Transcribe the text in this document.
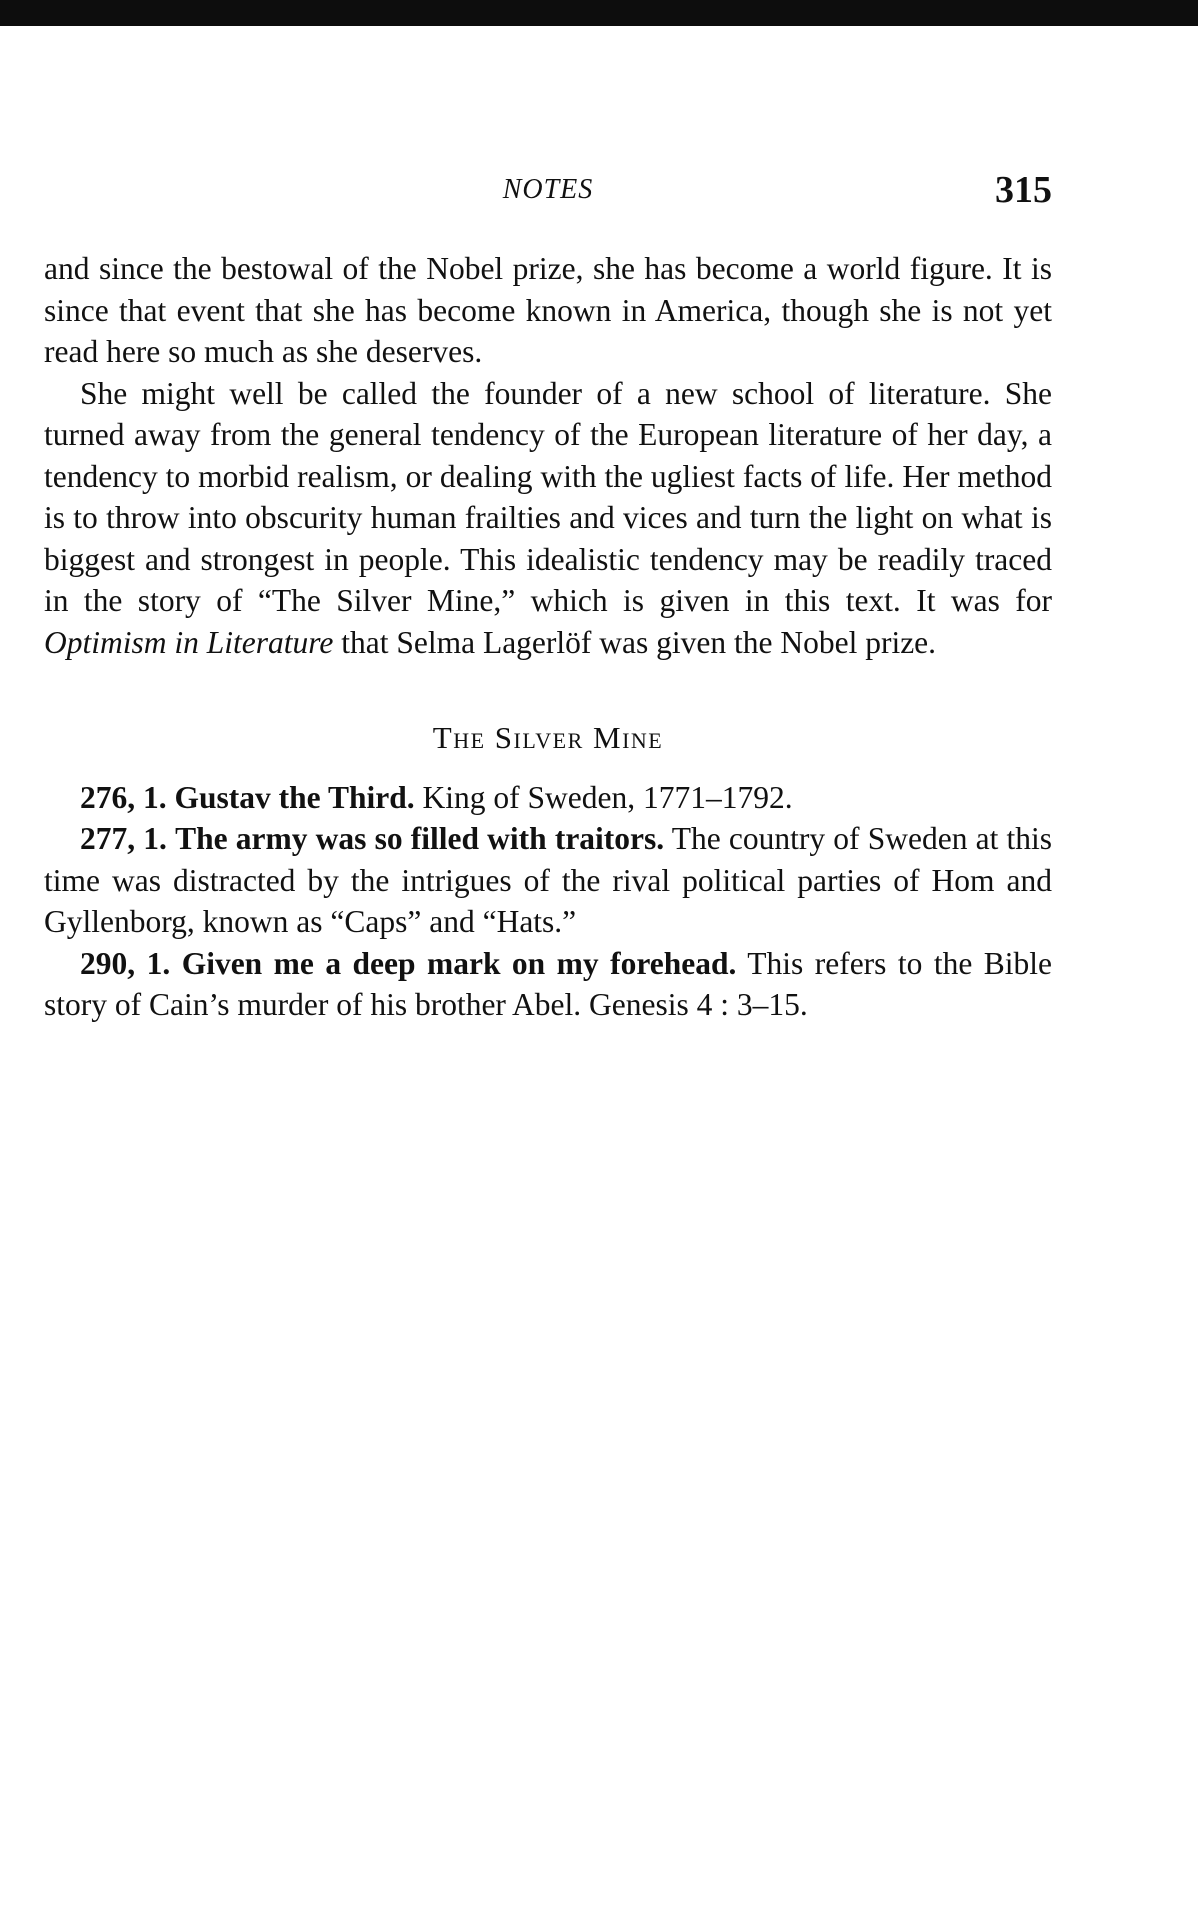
NOTES	315

and since the bestowal of the Nobel prize, she has become a world figure. It is since that event that she has become known in America, though she is not yet read here so much as she deserves.

She might well be called the founder of a new school of literature. She turned away from the general tendency of the European literature of her day, a tendency to morbid realism, or dealing with the ugliest facts of life. Her method is to throw into obscurity human frailties and vices and turn the light on what is biggest and strongest in people. This idealistic tendency may be readily traced in the story of “The Silver Mine,” which is given in this text. It was for Optimism in Literature that Selma Lagerlöf was given the Nobel prize.

The Silver Mine

276, 1. Gustav the Third. King of Sweden, 1771–1792.

277, 1. The army was so filled with traitors. The country of Sweden at this time was distracted by the intrigues of the rival political parties of Hom and Gyllenborg, known as “Caps” and “Hats.”

290, 1. Given me a deep mark on my forehead. This refers to the Bible story of Cain’s murder of his brother Abel. Genesis 4 : 3–15.
